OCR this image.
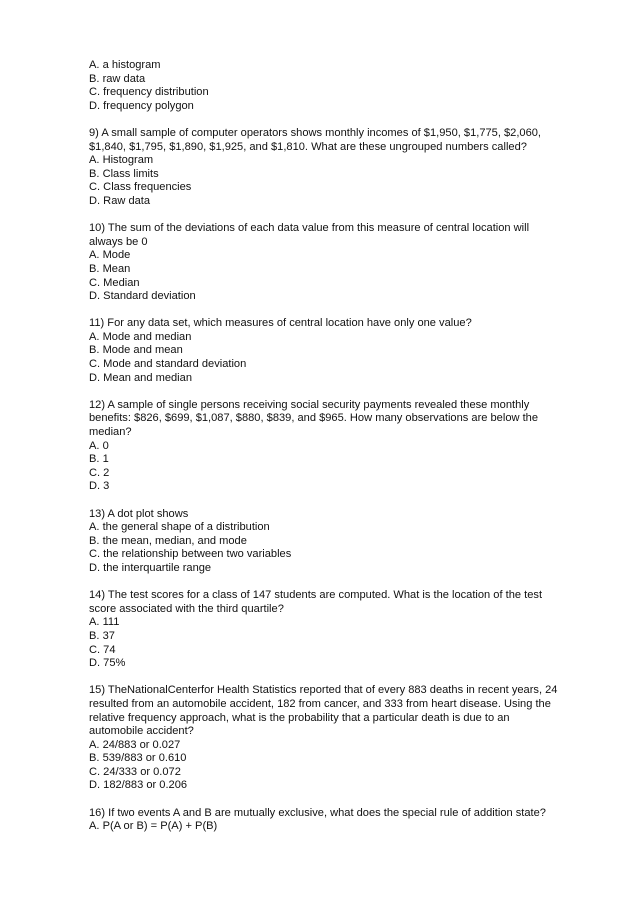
A. a histogram
B. raw data
C. frequency distribution
D. frequency polygon
9) A small sample of computer operators shows monthly incomes of $1,950, $1,775, $2,060,
$1,840, $1,795, $1,890, $1,925, and $1,810. What are these ungrouped numbers called?
A. Histogram
B. Class limits
C. Class frequencies
D. Raw data
10) The sum of the deviations of each data value from this measure of central location will
always be 0
A. Mode
B. Mean
C. Median
D. Standard deviation
11) For any data set, which measures of central location have only one value?
A. Mode and median
B. Mode and mean
C. Mode and standard deviation
D. Mean and median
12) A sample of single persons receiving social security payments revealed these monthly
benefits: $826, $699, $1,087, $880, $839, and $965. How many observations are below the
median?
A. 0
B. 1
C. 2
D. 3
13) A dot plot shows
A. the general shape of a distribution
B. the mean, median, and mode
C. the relationship between two variables
D. the interquartile range
14) The test scores for a class of 147 students are computed. What is the location of the test
score associated with the third quartile?
A. 111
B. 37
C. 74
D. 75%
15) TheNationalCenterfor Health Statistics reported that of every 883 deaths in recent years, 24
resulted from an automobile accident, 182 from cancer, and 333 from heart disease. Using the
relative frequency approach, what is the probability that a particular death is due to an
automobile accident?
A. 24/883 or 0.027
B. 539/883 or 0.610
C. 24/333 or 0.072
D. 182/883 or 0.206
16) If two events A and B are mutually exclusive, what does the special rule of addition state?
A. P(A or B) = P(A) + P(B)
